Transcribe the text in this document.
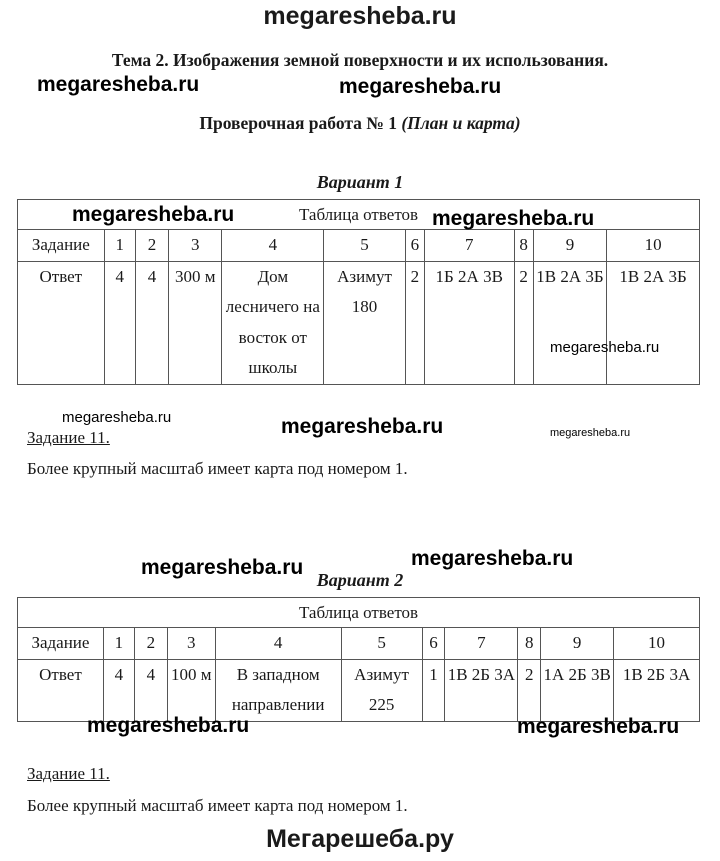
megaresheba.ru
Тема 2. Изображения земной поверхности и их использования.
Проверочная работа № 1 (План и карта)
Вариант 1
Таблица ответов										
Задание	1	2	3	4	5	6	7	8	9	10
Ответ	4	4	300 м	Дом лесничего на восток от школы	Азимут 180	2	1Б 2А 3В	2	1В 2А 3Б	1В 2А 3Б
Задание 11.
Более крупный масштаб имеет карта под номером 1.
Вариант 2
Таблица ответов										
Задание	1	2	3	4	5	6	7	8	9	10
Ответ	4	4	100 м	В западном направлении	Азимут 225	1	1В 2Б 3А	2	1А 2Б 3В	1В 2Б 3А
Задание 11.
Более крупный масштаб имеет карта под номером 1.
megaresheba.ru	megaresheba.ru
megaresheba.ru	megaresheba.ru
megaresheba.ru
megaresheba.ru	megaresheba.ru	megaresheba.ru
megaresheba.ru	megaresheba.ru
megaresheba.ru	megaresheba.ru
Мегарешеба.ру
